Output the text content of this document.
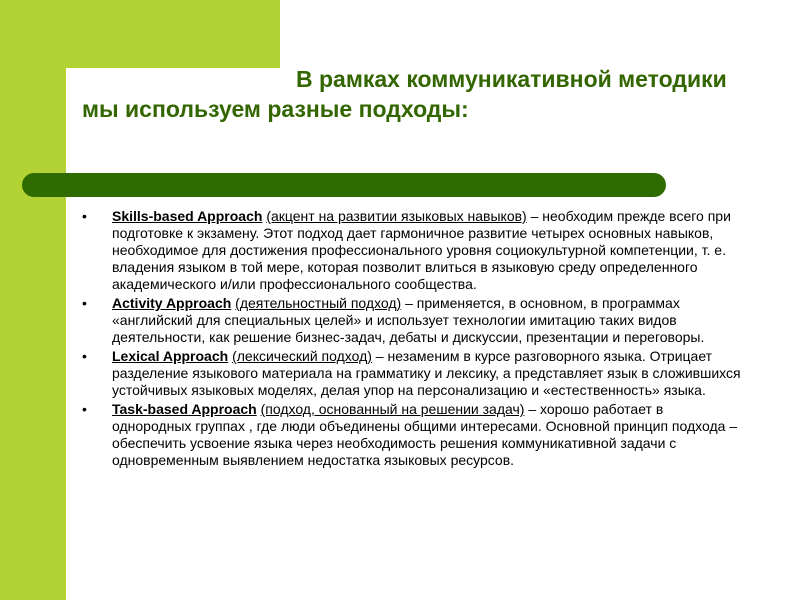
В рамках коммуникативной методики мы используем разные подходы:
• Skills-based Approach (акцент на развитии языковых навыков) – необходим прежде всего при подготовке к экзамену. Этот подход дает гармоничное развитие четырех основных навыков, необходимое для достижения профессионального уровня социокультурной компетенции, т. е. владения языком в той мере, которая позволит влиться в языковую среду определенного академического и/или профессионального сообщества.
• Activity Approach (деятельностный подход) – применяется, в основном, в программах «английский для специальных целей» и использует технологии имитацию таких видов деятельности, как решение бизнес-задач, дебаты и дискуссии, презентации и переговоры.
• Lexical Approach (лексический подход) – незаменим в курсе разговорного языка. Отрицает разделение языкового материала на грамматику и лексику, а представляет язык в сложившихся устойчивых языковых моделях, делая упор на персонализацию и «естественность» языка.
• Task-based Approach (подход, основанный на решении задач) – хорошо работает в однородных группах , где люди объединены общими интересами. Основной принцип подхода – обеспечить усвоение языка через необходимость решения коммуникативной задачи с одновременным выявлением недостатка языковых ресурсов.
